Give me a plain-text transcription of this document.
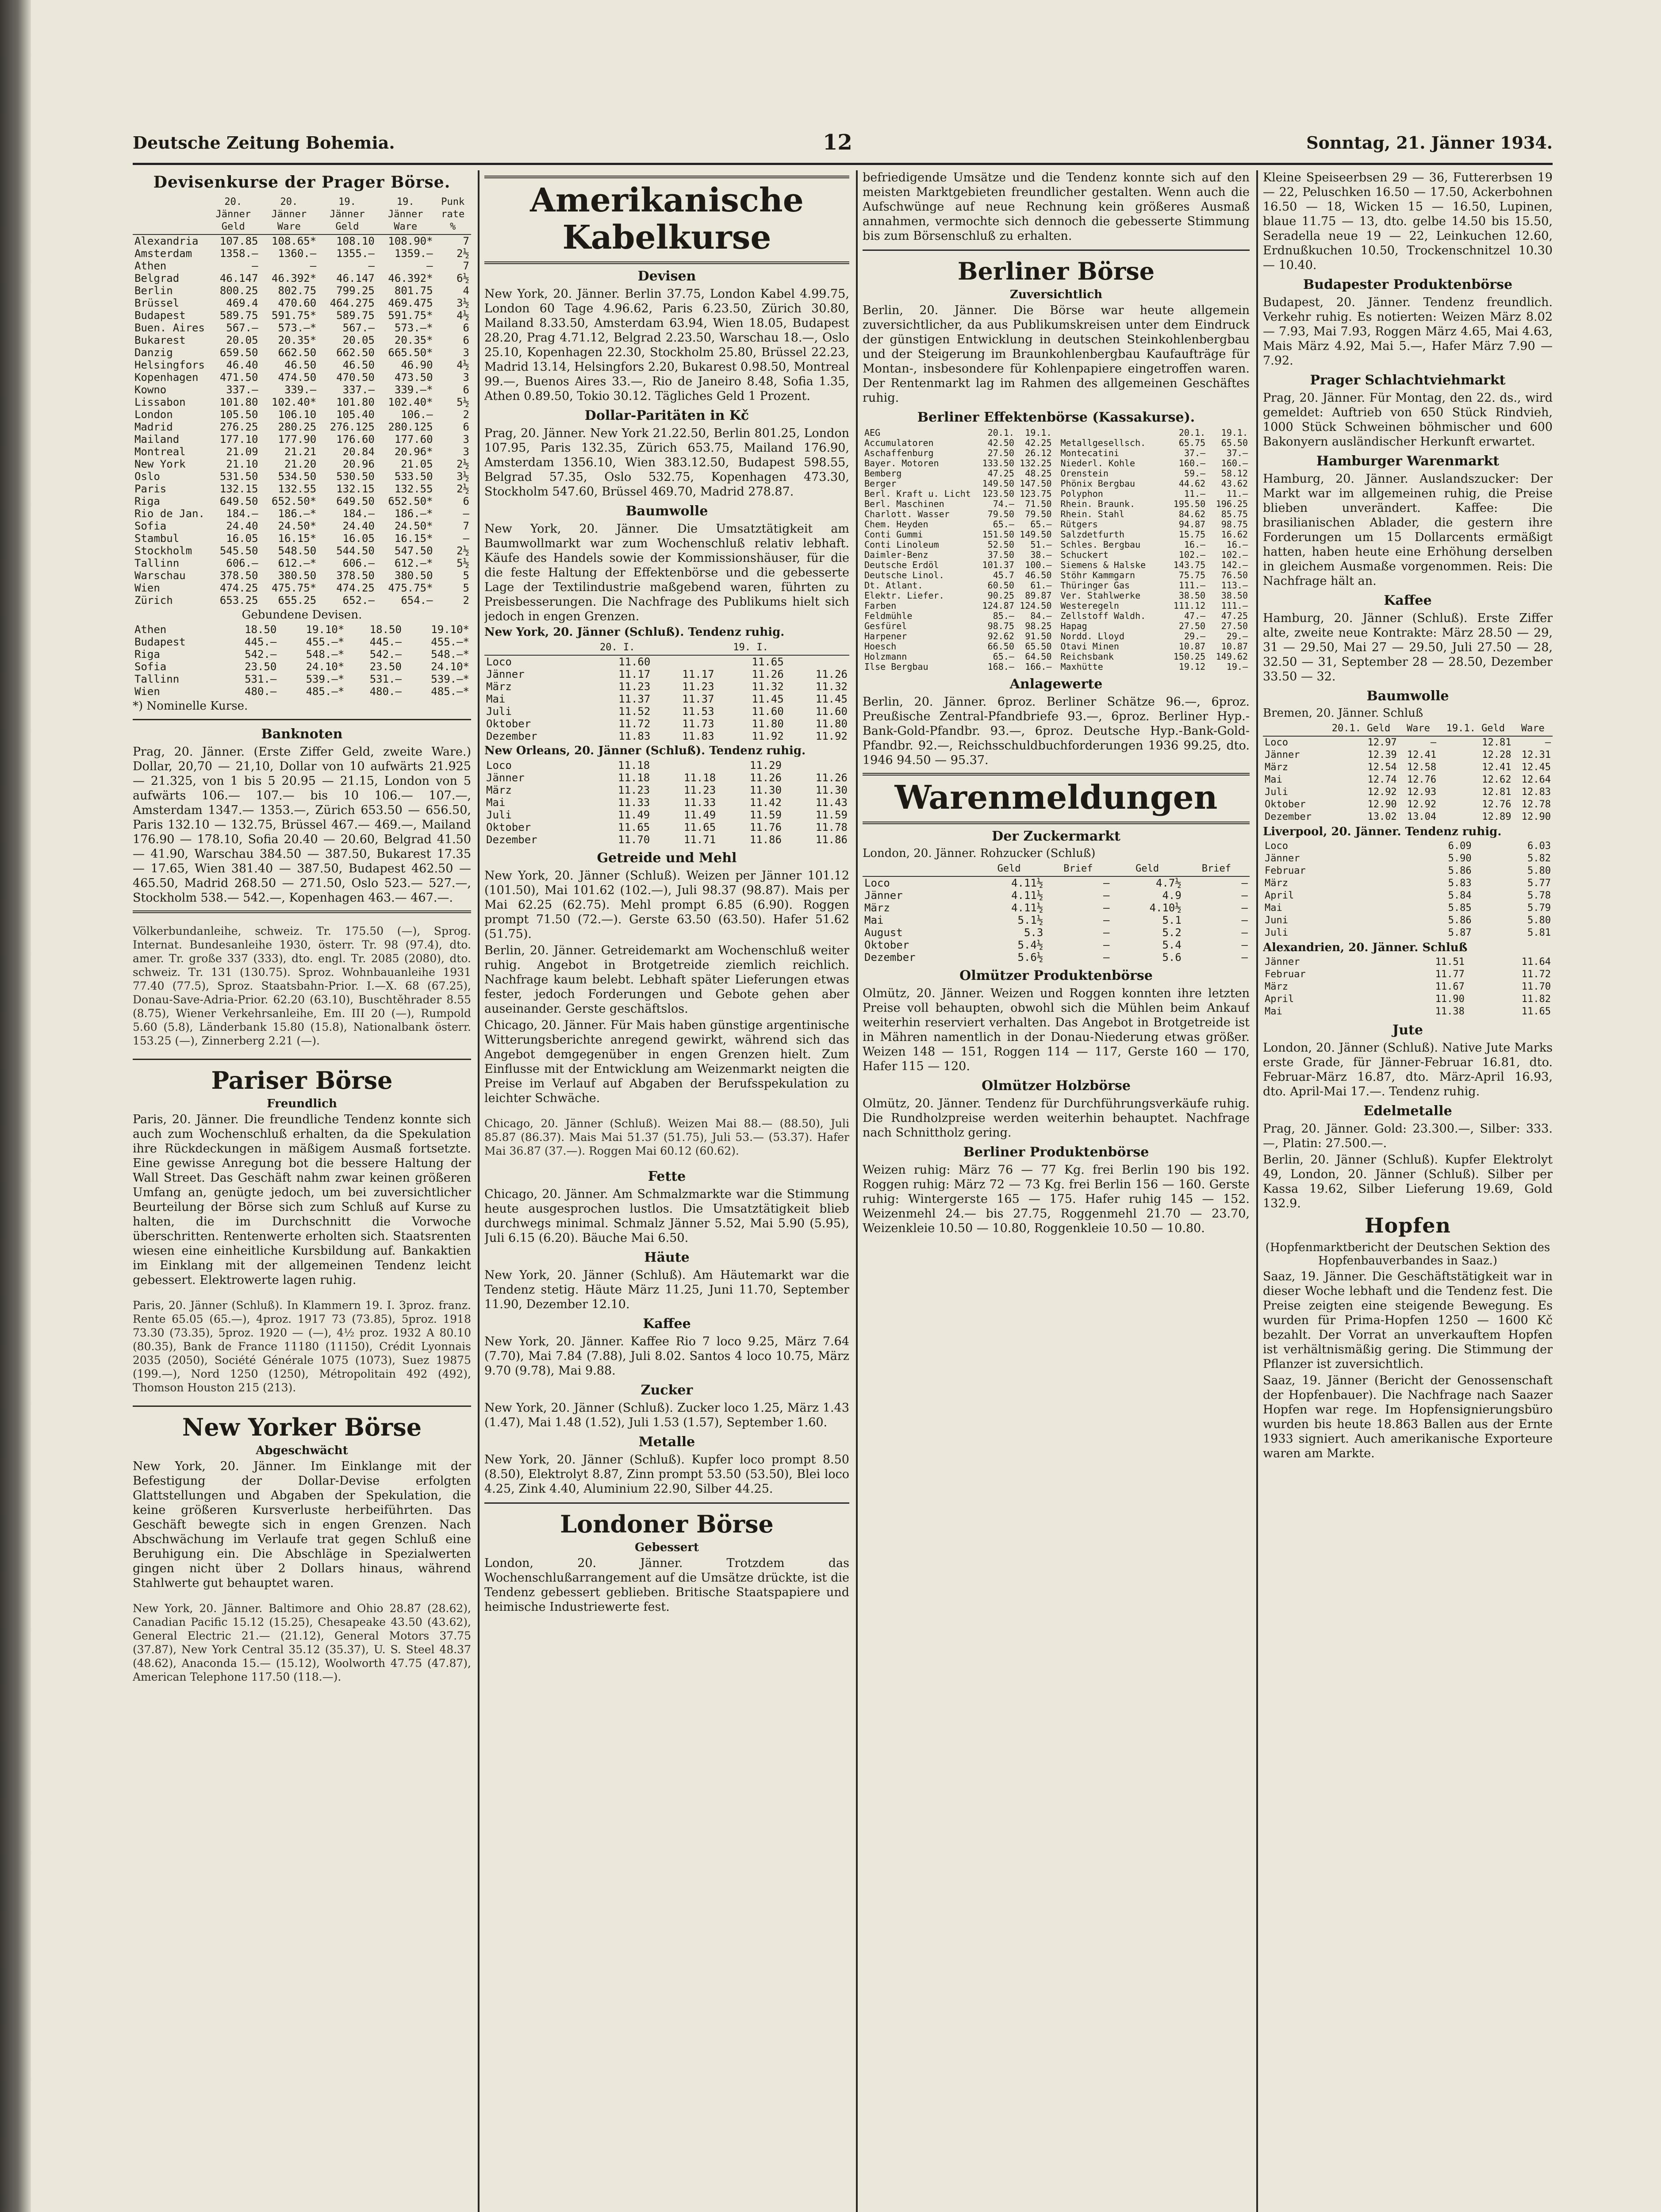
Deutsche Zeitung Bohemia.	12	Sonntag, 21. Jänner 1934.
Devisenkurse der Prager Börse.
	20. Jänner Geld	20. Jänner Ware	19. Jänner Geld	19. Jänner Ware	Punk rate %
Alexandria	107.85	108.65*	108.10	108.90*	7
Amsterdam	1358.—	1360.—	1355.—	1359.—	2½
Athen	—	—	—	—	7
Belgrad	46.147	46.392*	46.147	46.392*	6½
Berlin	800.25	802.75	799.25	801.75	4
Brüssel	469.4	470.60	464.275	469.475	3½
Budapest	589.75	591.75*	589.75	591.75*	4½
Buen. Aires	567.—	573.—*	567.—	573.—*	6
Bukarest	20.05	20.35*	20.05	20.35*	6
Danzig	659.50	662.50	662.50	665.50*	3
Helsingfors	46.40	46.50	46.50	46.90	4½
Kopenhagen	471.50	474.50	470.50	473.50	3
Kowno	337.—	339.—	337.—	339.—*	6
Lissabon	101.80	102.40*	101.80	102.40*	5½
London	105.50	106.10	105.40	106.—	2
Madrid	276.25	280.25	276.125	280.125	6
Mailand	177.10	177.90	176.60	177.60	3
Montreal	21.09	21.21	20.84	20.96*	3
New York	21.10	21.20	20.96	21.05	2½
Oslo	531.50	534.50	530.50	533.50	3½
Paris	132.15	132.55	132.15	132.55	2½
Riga	649.50	652.50*	649.50	652.50*	6
Rio de Jan.	184.—	186.—*	184.—	186.—*	—
Sofia	24.40	24.50*	24.40	24.50*	7
Stambul	16.05	16.15*	16.05	16.15*	—
Stockholm	545.50	548.50	544.50	547.50	2½
Tallinn	606.—	612.—*	606.—	612.—*	5½
Warschau	378.50	380.50	378.50	380.50	5
Wien	474.25	475.75*	474.25	475.75*	5
Zürich	653.25	655.25	652.—	654.—	2
Gebundene Devisen.
Athen	18.50	19.10*	18.50	19.10*
Budapest	445.—	455.—*	445.—	455.—*
Riga	542.—	548.—*	542.—	548.—*
Sofia	23.50	24.10*	23.50	24.10*
Tallinn	531.—	539.—*	531.—	539.—*
Wien	480.—	485.—*	480.—	485.—*
*) Nominelle Kurse.
Banknoten

Prag, 20. Jänner. (Erste Ziffer Geld, zweite Ware.) Dollar, 20,70 — 21,10, Dollar von 10 aufwärts 21.925 — 21.325, von 1 bis 5 20.95 — 21.15, London von 5 aufwärts 106.— 107.— bis 10 106.— 107.—, Amsterdam 1347.— 1353.—, Zürich 653.50 — 656.50, Paris 132.10 — 132.75, Brüssel 467.— 469.—, Mailand 176.90 — 178.10, Sofia 20.40 — 20.60, Belgrad 41.50 — 41.90, Warschau 384.50 — 387.50, Bukarest 17.35 — 17.65, Wien 381.40 — 387.50, Budapest 462.50 — 465.50, Madrid 268.50 — 271.50, Oslo 523.— 527.—, Stockholm 538.— 542.—, Kopenhagen 463.— 467.—.

Völkerbundanleihe, schweiz. Tr. 175.50 (—), Sprog. Internat. Bundesanleihe 1930, österr. Tr. 98 (97.4), dto. amer. Tr. große 337 (333), dto. engl. Tr. 2085 (2080), dto. schweiz. Tr. 131 (130.75). Sproz. Wohnbauanleihe 1931 77.40 (77.5), Sproz. Staatsbahn-Prior. I.—X. 68 (67.25), Donau-Save-Adria-Prior. 62.20 (63.10), Buschtěhrader 8.55 (8.75), Wiener Verkehrsanleihe, Em. III 20 (—), Rumpold 5.60 (5.8), Länderbank 15.80 (15.8), Nationalbank österr. 153.25 (—), Zinnerberg 2.21 (—).

Pariser Börse
Freundlich

Paris, 20. Jänner. Die freundliche Tendenz konnte sich auch zum Wochenschluß erhalten, da die Spekulation ihre Rückdeckungen in mäßigem Ausmaß fortsetzte. Eine gewisse Anregung bot die bessere Haltung der Wall Street. Das Geschäft nahm zwar keinen größeren Umfang an, genügte jedoch, um bei zuversichtlicher Beurteilung der Börse sich zum Schluß auf Kurse zu halten, die im Durchschnitt die Vorwoche überschritten. Rentenwerte erholten sich. Staatsrenten wiesen eine einheitliche Kursbildung auf. Bankaktien im Einklang mit der allgemeinen Tendenz leicht gebessert. Elektrowerte lagen ruhig.

Paris, 20. Jänner (Schluß). In Klammern 19. I. 3proz. franz. Rente 65.05 (65.—), 4proz. 1917 73 (73.85), 5proz. 1918 73.30 (73.35), 5proz. 1920 — (—), 4½ proz. 1932 A 80.10 (80.35), Bank de France 11180 (11150), Crédit Lyonnais 2035 (2050), Société Générale 1075 (1073), Suez 19875 (199.—), Nord 1250 (1250), Métropolitain 492 (492), Thomson Houston 215 (213).

New Yorker Börse
Abgeschwächt

New York, 20. Jänner. Im Einklange mit der Befestigung der Dollar-Devise erfolgten Glattstellungen und Abgaben der Spekulation, die keine größeren Kursverluste herbeiführten. Das Geschäft bewegte sich in engen Grenzen. Nach Abschwächung im Verlaufe trat gegen Schluß eine Beruhigung ein. Die Abschläge in Spezialwerten gingen nicht über 2 Dollars hinaus, während Stahlwerte gut behauptet waren.

New York, 20. Jänner. Baltimore and Ohio 28.87 (28.62), Canadian Pacific 15.12 (15.25), Chesapeake 43.50 (43.62), General Electric 21.— (21.12), General Motors 37.75 (37.87), New York Central 35.12 (35.37), U. S. Steel 48.37 (48.62), Anaconda 15.— (15.12), Woolworth 47.75 (47.87), American Telephone 117.50 (118.—).

Amerikanische Kabelkurse
Devisen

New York, 20. Jänner. Berlin 37.75, London Kabel 4.99.75, London 60 Tage 4.96.62, Paris 6.23.50, Zürich 30.80, Mailand 8.33.50, Amsterdam 63.94, Wien 18.05, Budapest 28.20, Prag 4.71.12, Belgrad 2.23.50, Warschau 18.—, Oslo 25.10, Kopenhagen 22.30, Stockholm 25.80, Brüssel 22.23, Madrid 13.14, Helsingfors 2.20, Bukarest 0.98.50, Montreal 99.—, Buenos Aires 33.—, Rio de Janeiro 8.48, Sofia 1.35, Athen 0.89.50, Tokio 30.12. Tägliches Geld 1 Prozent.

Dollar-Paritäten in Kč

Prag, 20. Jänner. New York 21.22.50, Berlin 801.25, London 107.95, Paris 132.35, Zürich 653.75, Mailand 176.90, Amsterdam 1356.10, Wien 383.12.50, Budapest 598.55, Belgrad 57.35, Oslo 532.75, Kopenhagen 473.30, Stockholm 547.60, Brüssel 469.70, Madrid 278.87.

Baumwolle

New York, 20. Jänner. Die Umsatztätigkeit am Baumwollmarkt war zum Wochenschluß relativ lebhaft. Käufe des Handels sowie der Kommissionshäuser, für die die feste Haltung der Effektenbörse und die gebesserte Lage der Textilindustrie maßgebend waren, führten zu Preisbesserungen. Die Nachfrage des Publikums hielt sich jedoch in engen Grenzen.

New York, 20. Jänner (Schluß). Tendenz ruhig.
	20. I.		19. I.	
Loco	11.60		11.65	
Jänner	11.17	11.17	11.26	11.26
März	11.23	11.23	11.32	11.32
Mai	11.37	11.37	11.45	11.45
Juli	11.52	11.53	11.60	11.60
Oktober	11.72	11.73	11.80	11.80
Dezember	11.83	11.83	11.92	11.92
New Orleans, 20. Jänner (Schluß). Tendenz ruhig.
Loco	11.18		11.29	
Jänner	11.18	11.18	11.26	11.26
März	11.23	11.23	11.30	11.30
Mai	11.33	11.33	11.42	11.43
Juli	11.49	11.49	11.59	11.59
Oktober	11.65	11.65	11.76	11.78
Dezember	11.70	11.71	11.86	11.86
Getreide und Mehl

New York, 20. Jänner (Schluß). Weizen per Jänner 101.12 (101.50), Mai 101.62 (102.—), Juli 98.37 (98.87). Mais per Mai 62.25 (62.75). Mehl prompt 6.85 (6.90). Roggen prompt 71.50 (72.—). Gerste 63.50 (63.50). Hafer 51.62 (51.75).

Berlin, 20. Jänner. Getreidemarkt am Wochenschluß weiter ruhig. Angebot in Brotgetreide ziemlich reichlich. Nachfrage kaum belebt. Lebhaft später Lieferungen etwas fester, jedoch Forderungen und Gebote gehen aber auseinander. Gerste geschäftslos.

Chicago, 20. Jänner. Für Mais haben günstige argentinische Witterungsberichte anregend gewirkt, während sich das Angebot demgegenüber in engen Grenzen hielt. Zum Einflusse mit der Entwicklung am Weizenmarkt neigten die Preise im Verlauf auf Abgaben der Berufsspekulation zu leichter Schwäche.

Chicago, 20. Jänner (Schluß). Weizen Mai 88.— (88.50), Juli 85.87 (86.37). Mais Mai 51.37 (51.75), Juli 53.— (53.37). Hafer Mai 36.87 (37.—). Roggen Mai 60.12 (60.62).

Fette

Chicago, 20. Jänner. Am Schmalzmarkte war die Stimmung heute ausgesprochen lustlos. Die Umsatztätigkeit blieb durchwegs minimal. Schmalz Jänner 5.52, Mai 5.90 (5.95), Juli 6.15 (6.20). Bäuche Mai 6.50.

Häute

New York, 20. Jänner (Schluß). Am Häutemarkt war die Tendenz stetig. Häute März 11.25, Juni 11.70, September 11.90, Dezember 12.10.

Kaffee

New York, 20. Jänner. Kaffee Rio 7 loco 9.25, März 7.64 (7.70), Mai 7.84 (7.88), Juli 8.02. Santos 4 loco 10.75, März 9.70 (9.78), Mai 9.88.

Zucker

New York, 20. Jänner (Schluß). Zucker loco 1.25, März 1.43 (1.47), Mai 1.48 (1.52), Juli 1.53 (1.57), September 1.60.

Metalle

New York, 20. Jänner (Schluß). Kupfer loco prompt 8.50 (8.50), Elektrolyt 8.87, Zinn prompt 53.50 (53.50), Blei loco 4.25, Zink 4.40, Aluminium 22.90, Silber 44.25.

Londoner Börse
Gebessert

London, 20. Jänner. Trotzdem das Wochenschlußarrangement auf die Umsätze drückte, ist die Tendenz gebessert geblieben. Britische Staatspapiere und heimische Industriewerte fest.

befriedigende Umsätze und die Tendenz konnte sich auf den meisten Marktgebieten freundlicher gestalten. Wenn auch die Aufschwünge auf neue Rechnung kein größeres Ausmaß annahmen, vermochte sich dennoch die gebesserte Stimmung bis zum Börsenschluß zu erhalten.

Berliner Börse
Zuversichtlich

Berlin, 20. Jänner. Die Börse war heute allgemein zuversichtlicher, da aus Publikumskreisen unter dem Eindruck der günstigen Entwicklung in deutschen Steinkohlenbergbau und der Steigerung im Braunkohlenbergbau Kaufaufträge für Montan-, insbesondere für Kohlenpapiere eingetroffen waren. Der Rentenmarkt lag im Rahmen des allgemeinen Geschäftes ruhig.

Berliner Effektenbörse (Kassakurse).
AEG	20.1.	19.1.
Accumulatoren	42.50	42.25
Aschaffenburg	27.50	26.12
Bayer. Motoren	133.50	132.25
Bemberg	47.25	48.25
Berger	149.50	147.50
Berl. Kraft u. Licht	123.50	123.75
Berl. Maschinen	74.—	71.50
Charlott. Wasser	79.50	79.50
Chem. Heyden	65.—	65.—
Conti Gummi	151.50	149.50
Conti Linoleum	52.50	51.—
Daimler-Benz	37.50	38.—
Deutsche Erdöl	101.37	100.—
Deutsche Linol.	45.7	46.50
Dt. Atlant.	60.50	61.—
Elektr. Liefer.	90.25	89.87
Farben	124.87	124.50
Feldmühle	85.—	84.—
Gesfürel	98.75	98.25
Harpener	92.62	91.50
Hoesch	66.50	65.50
Holzmann	65.—	64.50
Ilse Bergbau	168.—	166.—
	20.1.	19.1.
Metallgesellsch.	65.75	65.50
Montecatini	37.—	37.—
Niederl. Kohle	160.—	160.—
Orenstein	59.—	58.12
Phönix Bergbau	44.62	43.62
Polyphon	11.—	11.—
Rhein. Braunk.	195.50	196.25
Rhein. Stahl	84.62	85.75
Rütgers	94.87	98.75
Salzdetfurth	15.75	16.62
Schles. Bergbau	16.—	16.—
Schuckert	102.—	102.—
Siemens & Halske	143.75	142.—
Stöhr Kammgarn	75.75	76.50
Thüringer Gas	111.—	113.—
Ver. Stahlwerke	38.50	38.50
Westeregeln	111.12	111.—
Zellstoff Waldh.	47.—	47.25
Hapag	27.50	27.50
Nordd. Lloyd	29.—	29.—
Otavi Minen	10.87	10.87
Reichsbank	150.25	149.62
Maxhütte	19.12	19.—
Anlagewerte

Berlin, 20. Jänner. 6proz. Berliner Schätze 96.—, 6proz. Preußische Zentral-Pfandbriefe 93.—, 6proz. Berliner Hyp.-Bank-Gold-Pfandbr. 93.—, 6proz. Deutsche Hyp.-Bank-Gold-Pfandbr. 92.—, Reichsschuldbuchforderungen 1936 99.25, dto. 1946 94.50 — 95.37.

Warenmeldungen
Der Zuckermarkt
London, 20. Jänner. Rohzucker (Schluß)
	Geld	Brief	Geld	Brief
Loco	4.11½	—	4.7½	—
Jänner	4.11½	—	4.9	—
März	4.11½	—	4.10½	—
Mai	5.1½	—	5.1	—
August	5.3	—	5.2	—
Oktober	5.4½	—	5.4	—
Dezember	5.6½	—	5.6	—
Olmützer Produktenbörse

Olmütz, 20. Jänner. Weizen und Roggen konnten ihre letzten Preise voll behaupten, obwohl sich die Mühlen beim Ankauf weiterhin reserviert verhalten. Das Angebot in Brotgetreide ist in Mähren namentlich in der Donau-Niederung etwas größer. Weizen 148 — 151, Roggen 114 — 117, Gerste 160 — 170, Hafer 115 — 120.

Olmützer Holzbörse

Olmütz, 20. Jänner. Tendenz für Durchführungsverkäufe ruhig. Die Rundholzpreise werden weiterhin behauptet. Nachfrage nach Schnittholz gering.

Berliner Produktenbörse

Weizen ruhig: März 76 — 77 Kg. frei Berlin 190 bis 192. Roggen ruhig: März 72 — 73 Kg. frei Berlin 156 — 160. Gerste ruhig: Wintergerste 165 — 175. Hafer ruhig 145 — 152. Weizenmehl 24.— bis 27.75, Roggenmehl 21.70 — 23.70, Weizenkleie 10.50 — 10.80, Roggenkleie 10.50 — 10.80.

Kleine Speiseerbsen 29 — 36, Futtererbsen 19 — 22, Peluschken 16.50 — 17.50, Ackerbohnen 16.50 — 18, Wicken 15 — 16.50, Lupinen, blaue 11.75 — 13, dto. gelbe 14.50 bis 15.50, Seradella neue 19 — 22, Leinkuchen 12.60, Erdnußkuchen 10.50, Trockenschnitzel 10.30 — 10.40.

Budapester Produktenbörse

Budapest, 20. Jänner. Tendenz freundlich. Verkehr ruhig. Es notierten: Weizen März 8.02 — 7.93, Mai 7.93, Roggen März 4.65, Mai 4.63, Mais März 4.92, Mai 5.—, Hafer März 7.90 — 7.92.

Prager Schlachtviehmarkt

Prag, 20. Jänner. Für Montag, den 22. ds., wird gemeldet: Auftrieb von 650 Stück Rindvieh, 1000 Stück Schweinen böhmischer und 600 Bakonyern ausländischer Herkunft erwartet.

Hamburger Warenmarkt

Hamburg, 20. Jänner. Auslandszucker: Der Markt war im allgemeinen ruhig, die Preise blieben unverändert. Kaffee: Die brasilianischen Ablader, die gestern ihre Forderungen um 15 Dollarcents ermäßigt hatten, haben heute eine Erhöhung derselben in gleichem Ausmaße vorgenommen. Reis: Die Nachfrage hält an.

Kaffee

Hamburg, 20. Jänner (Schluß). Erste Ziffer alte, zweite neue Kontrakte: März 28.50 — 29, 31 — 29.50, Mai 27 — 29.50, Juli 27.50 — 28, 32.50 — 31, September 28 — 28.50, Dezember 33.50 — 32.

Baumwolle
Bremen, 20. Jänner. Schluß
	20.1. Geld	Ware	19.1. Geld	Ware
Loco	12.97	—	12.81	—
Jänner	12.39	12.41	12.28	12.31
März	12.54	12.58	12.41	12.45
Mai	12.74	12.76	12.62	12.64
Juli	12.92	12.93	12.81	12.83
Oktober	12.90	12.92	12.76	12.78
Dezember	13.02	13.04	12.89	12.90
Liverpool, 20. Jänner. Tendenz ruhig.
Loco	6.09	6.03
Jänner	5.90	5.82
Februar	5.86	5.80
März	5.83	5.77
April	5.84	5.78
Mai	5.85	5.79
Juni	5.86	5.80
Juli	5.87	5.81
Alexandrien, 20. Jänner. Schluß
Jänner	11.51	11.64
Februar	11.77	11.72
März	11.67	11.70
April	11.90	11.82
Mai	11.38	11.65
Jute

London, 20. Jänner (Schluß). Native Jute Marks erste Grade, für Jänner-Februar 16.81, dto. Februar-März 16.87, dto. März-April 16.93, dto. April-Mai 17.—. Tendenz ruhig.

Edelmetalle

Prag, 20. Jänner. Gold: 23.300.—, Silber: 333.—, Platin: 27.500.—.

Berlin, 20. Jänner (Schluß). Kupfer Elektrolyt 49, London, 20. Jänner (Schluß). Silber per Kassa 19.62, Silber Lieferung 19.69, Gold 132.9.

Hopfen
(Hopfenmarktbericht der Deutschen Sektion des Hopfenbauverbandes in Saaz.)

Saaz, 19. Jänner. Die Geschäftstätigkeit war in dieser Woche lebhaft und die Tendenz fest. Die Preise zeigten eine steigende Bewegung. Es wurden für Prima-Hopfen 1250 — 1600 Kč bezahlt. Der Vorrat an unverkauftem Hopfen ist verhältnismäßig gering. Die Stimmung der Pflanzer ist zuversichtlich.

Saaz, 19. Jänner (Bericht der Genossenschaft der Hopfenbauer). Die Nachfrage nach Saazer Hopfen war rege. Im Hopfensignierungsbüro wurden bis heute 18.863 Ballen aus der Ernte 1933 signiert. Auch amerikanische Exporteure waren am Markte.
